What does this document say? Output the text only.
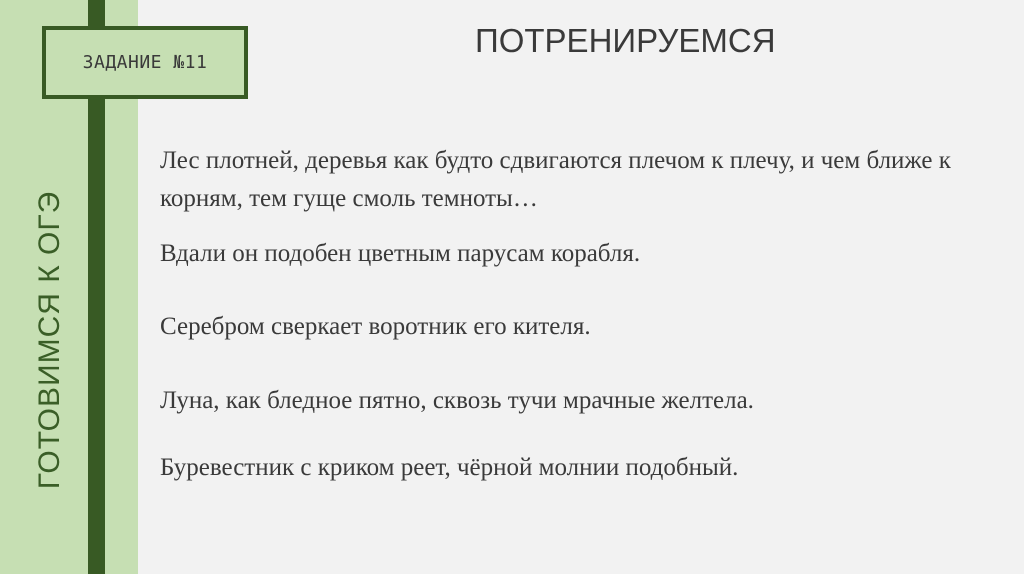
ГОТОВИМСЯ К ОГЭ
ЗАДАНИЕ №11
ПОТРЕНИРУЕМСЯ
Лес плотней, деревья как будто сдвигаются плечом к плечу, и чем ближе к корням, тем гуще смоль темноты…
Вдали он подобен цветным парусам корабля.
Серебром сверкает воротник его кителя.
Луна, как бледное пятно, сквозь тучи мрачные желтела.
Буревестник с криком реет, чёрной молнии подобный.
